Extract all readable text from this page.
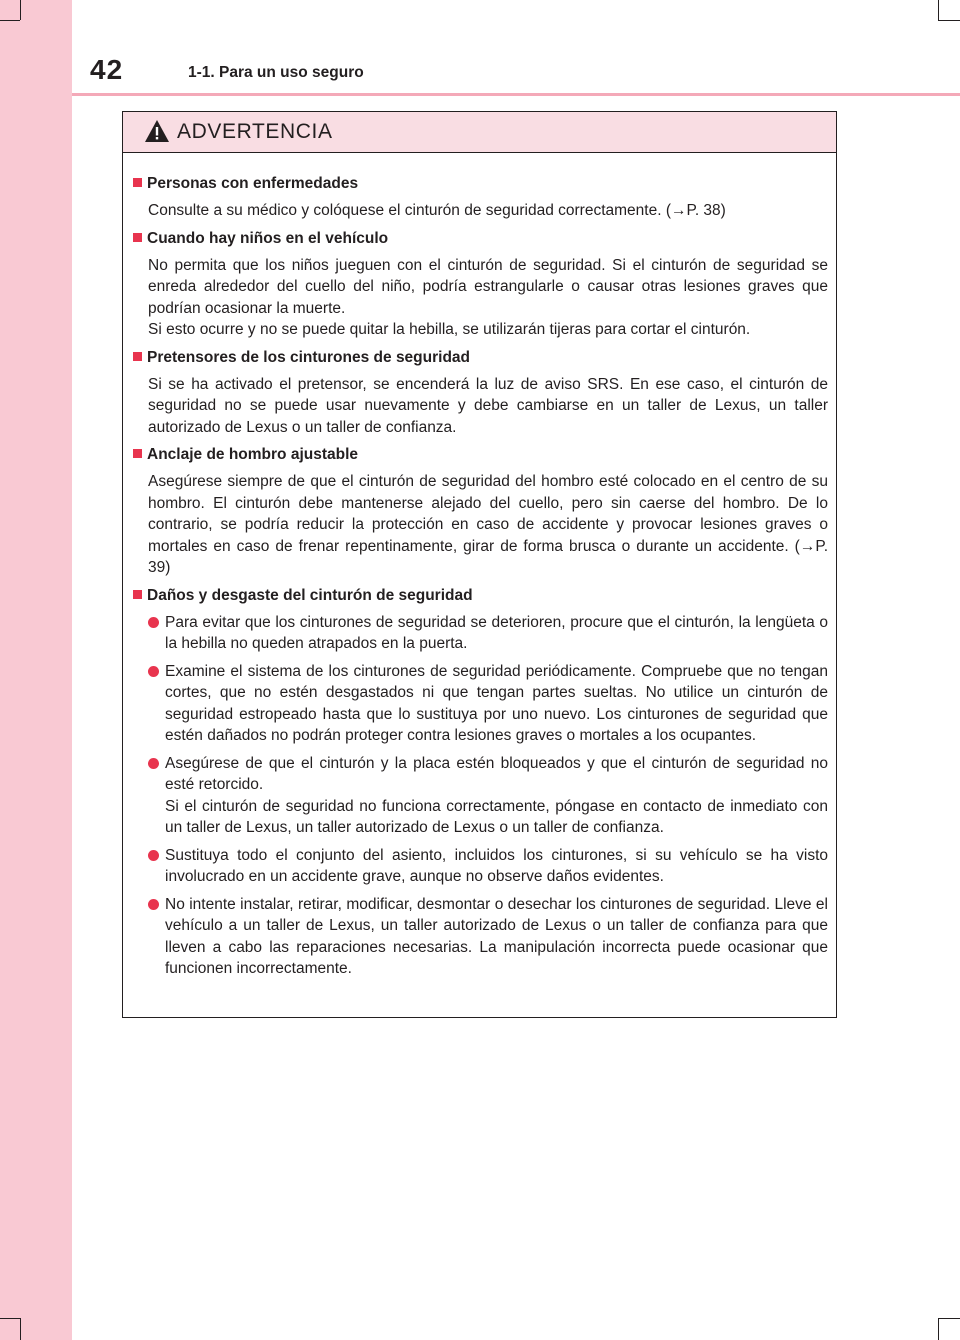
42	1-1. Para un uso seguro
ADVERTENCIA
Personas con enfermedades
Consulte a su médico y colóquese el cinturón de seguridad correctamente. (→P. 38)
Cuando hay niños en el vehículo
No permita que los niños jueguen con el cinturón de seguridad. Si el cinturón de seguridad se enreda alrededor del cuello del niño, podría estrangularle o causar otras lesiones graves que podrían ocasionar la muerte.
Si esto ocurre y no se puede quitar la hebilla, se utilizarán tijeras para cortar el cinturón.
Pretensores de los cinturones de seguridad
Si se ha activado el pretensor, se encenderá la luz de aviso SRS. En ese caso, el cinturón de seguridad no se puede usar nuevamente y debe cambiarse en un taller de Lexus, un taller autorizado de Lexus o un taller de confianza.
Anclaje de hombro ajustable
Asegúrese siempre de que el cinturón de seguridad del hombro esté colocado en el centro de su hombro. El cinturón debe mantenerse alejado del cuello, pero sin caerse del hombro. De lo contrario, se podría reducir la protección en caso de accidente y provocar lesiones graves o mortales en caso de frenar repentinamente, girar de forma brusca o durante un accidente. (→P. 39)
Daños y desgaste del cinturón de seguridad
Para evitar que los cinturones de seguridad se deterioren, procure que el cinturón, la lengüeta o la hebilla no queden atrapados en la puerta.
Examine el sistema de los cinturones de seguridad periódicamente. Compruebe que no tengan cortes, que no estén desgastados ni que tengan partes sueltas. No utilice un cinturón de seguridad estropeado hasta que lo sustituya por uno nuevo. Los cinturones de seguridad que estén dañados no podrán proteger contra lesiones graves o mortales a los ocupantes.
Asegúrese de que el cinturón y la placa estén bloqueados y que el cinturón de seguridad no esté retorcido.
Si el cinturón de seguridad no funciona correctamente, póngase en contacto de inmediato con un taller de Lexus, un taller autorizado de Lexus o un taller de confianza.
Sustituya todo el conjunto del asiento, incluidos los cinturones, si su vehículo se ha visto involucrado en un accidente grave, aunque no observe daños evidentes.
No intente instalar, retirar, modificar, desmontar o desechar los cinturones de seguridad. Lleve el vehículo a un taller de Lexus, un taller autorizado de Lexus o un taller de confianza para que lleven a cabo las reparaciones necesarias. La manipulación incorrecta puede ocasionar que funcionen incorrectamente.
